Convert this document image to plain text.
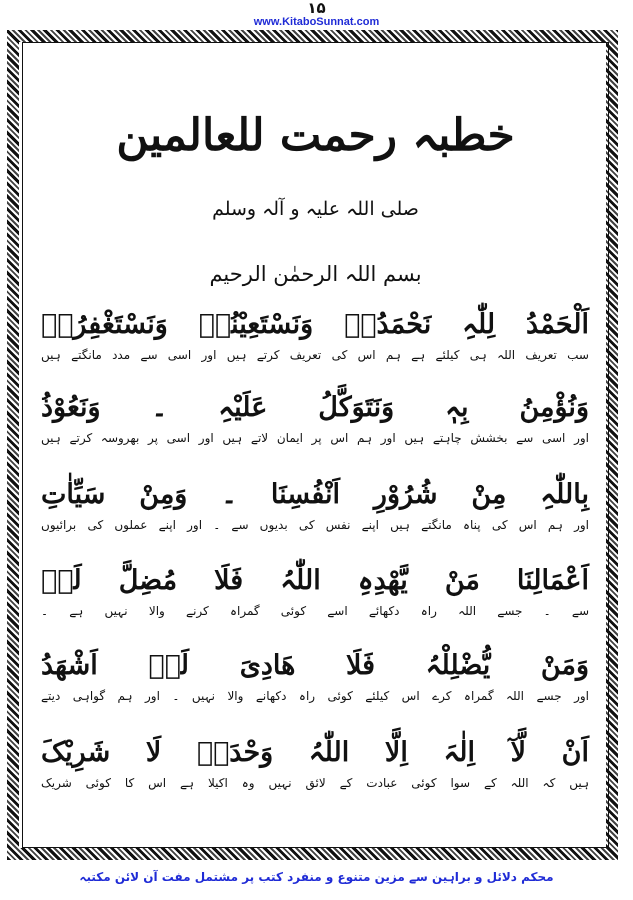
۱۵
www.KitaboSunnat.com
خطبہ رحمت للعالمین
صلی اللہ علیہ و آلہ وسلم
بسم اللہ الرحمٰن الرحیم
اَلْحَمْدُ لِلّٰہِ نَحْمَدُہٗ وَنَسْتَعِیْنُہٗ وَنَسْتَغْفِرُہٗ
سب تعریف اللہ ہی کیلئے ہے ہم اس کی تعریف کرتے ہیں اور اسی سے مدد مانگتے ہیں
وَنُؤْمِنُ بِہٖ وَنَتَوَکَّلُ عَلَیْہِ ۔ وَنَعُوْذُ
اور اسی سے بخشش چاہتے ہیں اور ہم اس پر ایمان لاتے ہیں اور اسی پر بھروسہ کرتے ہیں
بِاللّٰہِ مِنْ شُرُوْرِ اَنْفُسِنَا ۔ وَمِنْ سَیِّاٰتِ
اور ہم اس کی پناہ مانگتے ہیں اپنے نفس کی بدیوں سے ۔ اور اپنے عملوں کی برائیوں
اَعْمَالِنَا مَنْ یَّھْدِہِ اللّٰہُ فَلَا مُضِلَّ لَہٗ
سے ۔ جسے اللہ راہ دکھائے اسے کوئی گمراہ کرنے والا نہیں ہے ۔
وَمَنْ یُّضْلِلْہُ فَلَا ھَادِیَ لَہٗ اَشْھَدُ
اور جسے اللہ گمراہ کرے اس کیلئے کوئی راہ دکھانے والا نہیں ۔ اور ہم گواہی دیتے
اَنْ لَّآ اِلٰہَ اِلَّا اللّٰہُ وَحْدَہٗ لَا شَرِیْکَ
ہیں کہ اللہ کے سوا کوئی عبادت کے لائق نہیں وہ اکیلا ہے اس کا کوئی شریک
محکم دلائل و براہین سے مزین متنوع و منفرد کتب پر مشتمل مفت آن لائن مکتبہ
